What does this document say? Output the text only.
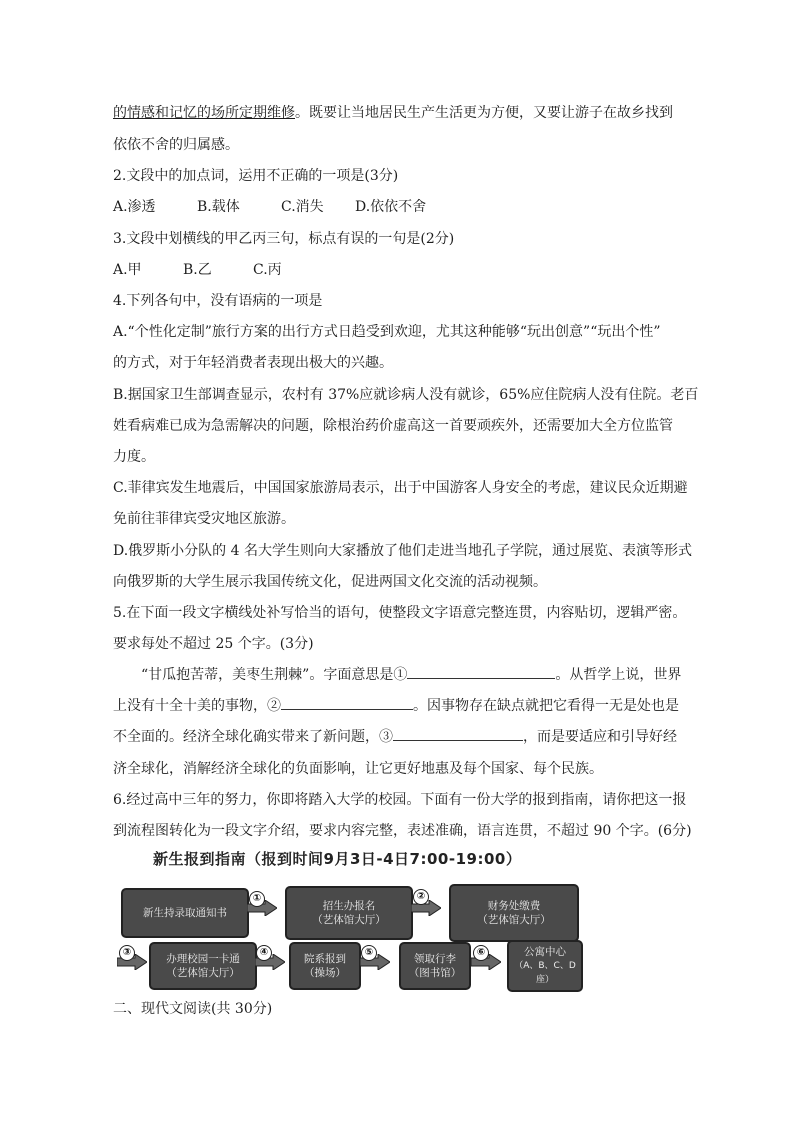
的情感和记忆的场所定期维修。既要让当地居民生产生活更为方便，又要让游子在故乡找到
依依不舍的归属感。
2.文段中的加点词，运用不正确的一项是(3分)
A.渗透	B.载体	C.消失 D.依依不舍
3.文段中划横线的甲乙丙三句，标点有误的一句是(2分)
A.甲	B.乙	C.丙
4.下列各句中，没有语病的一项是
A.“个性化定制”旅行方案的出行方式日趋受到欢迎，尤其这种能够“玩出创意”“玩出个性”
的方式，对于年轻消费者表现出极大的兴趣。
B.据国家卫生部调查显示，农村有 37%应就诊病人没有就诊，65%应住院病人没有住院。老百
姓看病难已成为急需解决的问题，除根治药价虚高这一首要顽疾外，还需要加大全方位监管
力度。
C.菲律宾发生地震后，中国国家旅游局表示，出于中国游客人身安全的考虑，建议民众近期避
免前往菲律宾受灾地区旅游。
D.俄罗斯小分队的 4 名大学生则向大家播放了他们走进当地孔子学院，通过展览、表演等形式
向俄罗斯的大学生展示我国传统文化，促进两国文化交流的活动视频。
5.在下面一段文字横线处补写恰当的语句，使整段文字语意完整连贯，内容贴切，逻辑严密。
要求每处不超过 25 个字。(3分)
“甘瓜抱苦蒂，美枣生荆棘”。字面意思是①	。从哲学上说，世界
上没有十全十美的事物，②	。因事物存在缺点就把它看得一无是处也是
不全面的。经济全球化确实带来了新问题，③	，而是要适应和引导好经
济全球化，消解经济全球化的负面影响，让它更好地惠及每个国家、每个民族。
6.经过高中三年的努力，你即将踏入大学的校园。下面有一份大学的报到指南，请你把这一报
到流程图转化为一段文字介绍，要求内容完整，表述准确，语言连贯，不超过 90 个字。(6分)
新生报到指南（报到时间9月3日-4日7:00-19:00）
新生持录取通知书
①
招生办报名
（艺体馆大厅）
②
财务处缴费
（艺体馆大厅）
③
办理校园一卡通
（艺体馆大厅）
④
院系报到
（操场）
⑤
领取行李
（图书馆）
⑥	公寓中心
（A、B、C、D座）
二、现代文阅读(共 30分)
